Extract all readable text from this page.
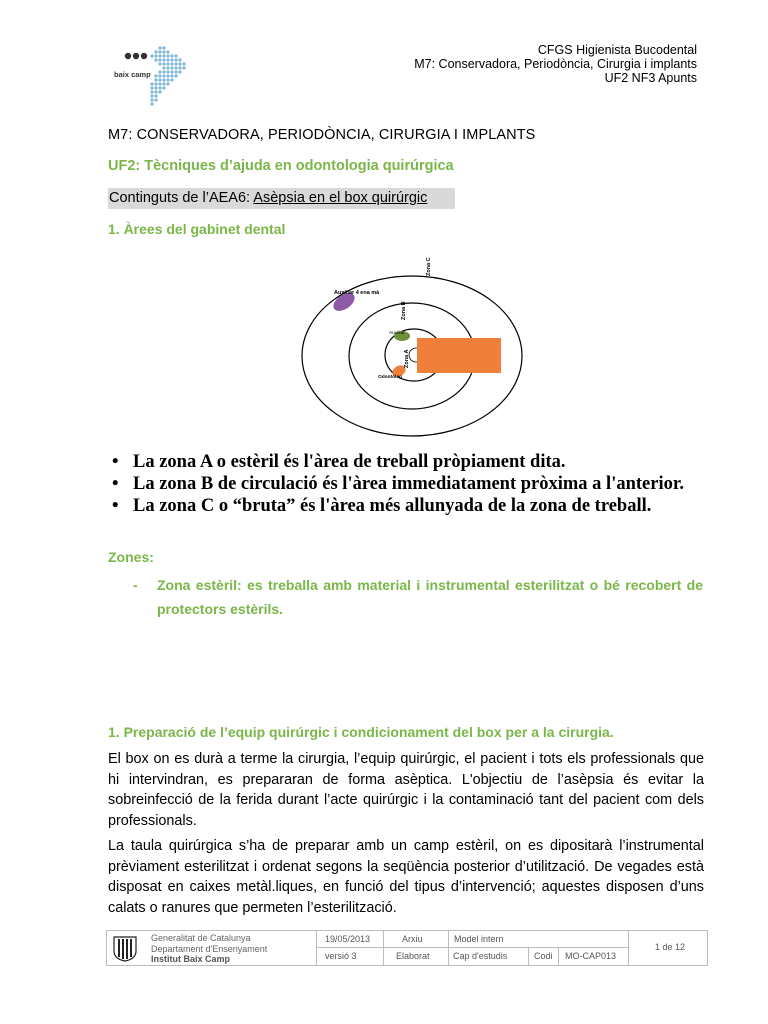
baix camp
CFGS Higienista Bucodental
M7: Conservadora, Periodòncia, Cirurgia i implants
UF2 NF3 Apunts
M7: CONSERVADORA, PERIODÒNCIA, CIRURGIA I IMPLANTS
UF2: Tècniques d’ajuda en odontologia quirúrgica
Continguts de l’AEA6: Asèpsia en el box quirúrgic
1. Àrees del gabinet dental
Zona C
Zona B
Zona A
Auxiliar 4 ena mà
Auxiliar
Odontòleg
• La zona A o estèril és l'àrea de treball pròpiament dita.
• La zona B de circulació és l'àrea immediatament pròxima a l'anterior.
• La zona C o “bruta” és l'àrea més allunyada de la zona de treball.
Zones:
-	Zona estèril: es treballa amb material i instrumental esterilitzat o bé recobert de protectors estèrils.
1. Preparació de l’equip quirúrgic i condicionament del box per a la cirurgia.

El box on es durà a terme la cirurgia, l’equip quirúrgic, el pacient i tots els professionals que hi intervindran, es prepararan de forma asèptica. L'objectiu de l’asèpsia és evitar la sobreinfecció de la ferida durant l’acte quirúrgic i la contaminació tant del pacient com dels professionals.

La taula quirúrgica s’ha de preparar amb un camp estèril, on es dipositarà l’instrumental prèviament esterilitzat i ordenat segons la seqüència posterior d’utilització. De vegades està disposat en caixes metàl.liques, en funció del tipus d’intervenció; aquestes disposen d’uns calats o ranures que permeten l’esterilització.

Generalitat de Catalunya
Departament d'Ensenyament
Institut Baix Camp
19/05/2013
versió 3
Arxiu
Elaborat
Model intern
Cap d'estudis	Codi MO-CAP013
1 de 12
